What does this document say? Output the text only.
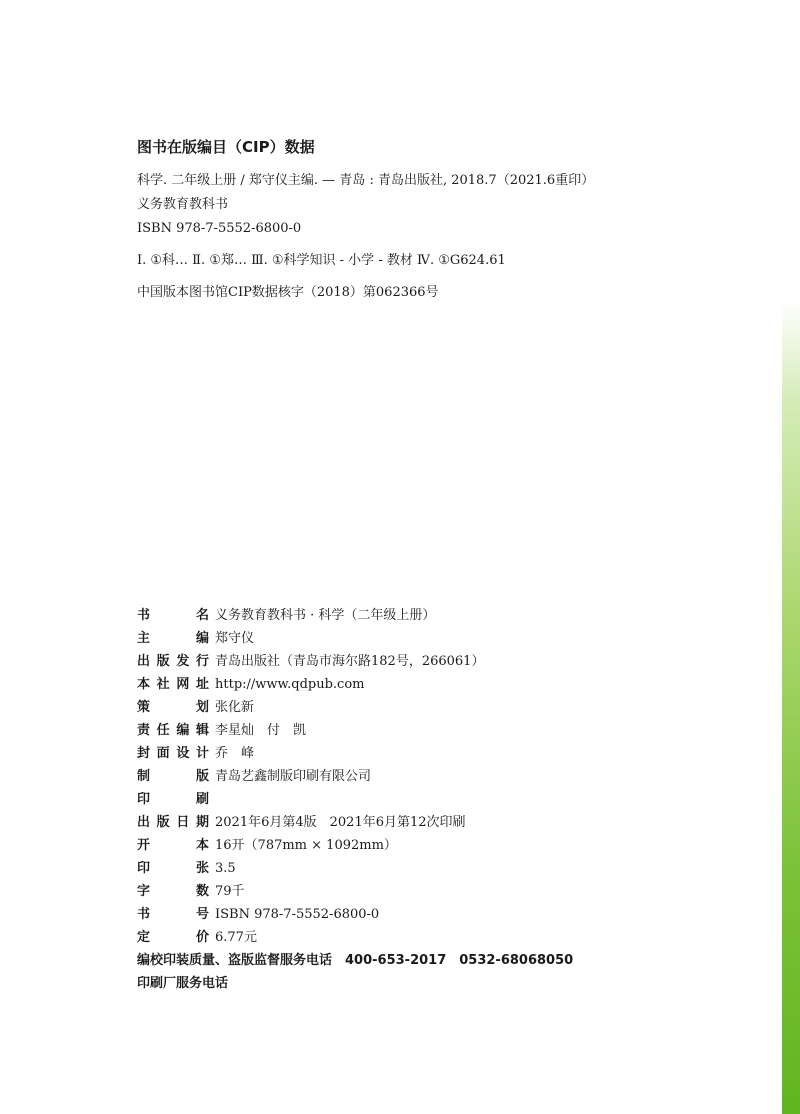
图书在版编目（CIP）数据
科学. 二年级上册 / 郑守仪主编. — 青岛 : 青岛出版社, 2018.7（2021.6重印）
义务教育教科书
ISBN 978-7-5552-6800-0
Ⅰ. ①科… Ⅱ. ①郑… Ⅲ. ①科学知识 - 小学 - 教材 Ⅳ. ①G624.61
中国版本图书馆CIP数据核字（2018）第062366号
书名 义务教育教科书 · 科学（二年级上册）
主编 郑守仪
出版发行 青岛出版社（青岛市海尔路182号，266061）
本社网址 http://www.qdpub.com
策划 张化新
责任编辑 李星灿　付　凯
封面设计 乔　峰
制版 青岛艺鑫制版印刷有限公司
印刷
出版日期 2021年6月第4版　2021年6月第12次印刷
开本 16开（787mm × 1092mm）
印张 3.5
字数 79千
书号 ISBN 978-7-5552-6800-0
定价 6.77元
编校印装质量、盗版监督服务电话　400-653-2017　0532-68068050
印刷厂服务电话
